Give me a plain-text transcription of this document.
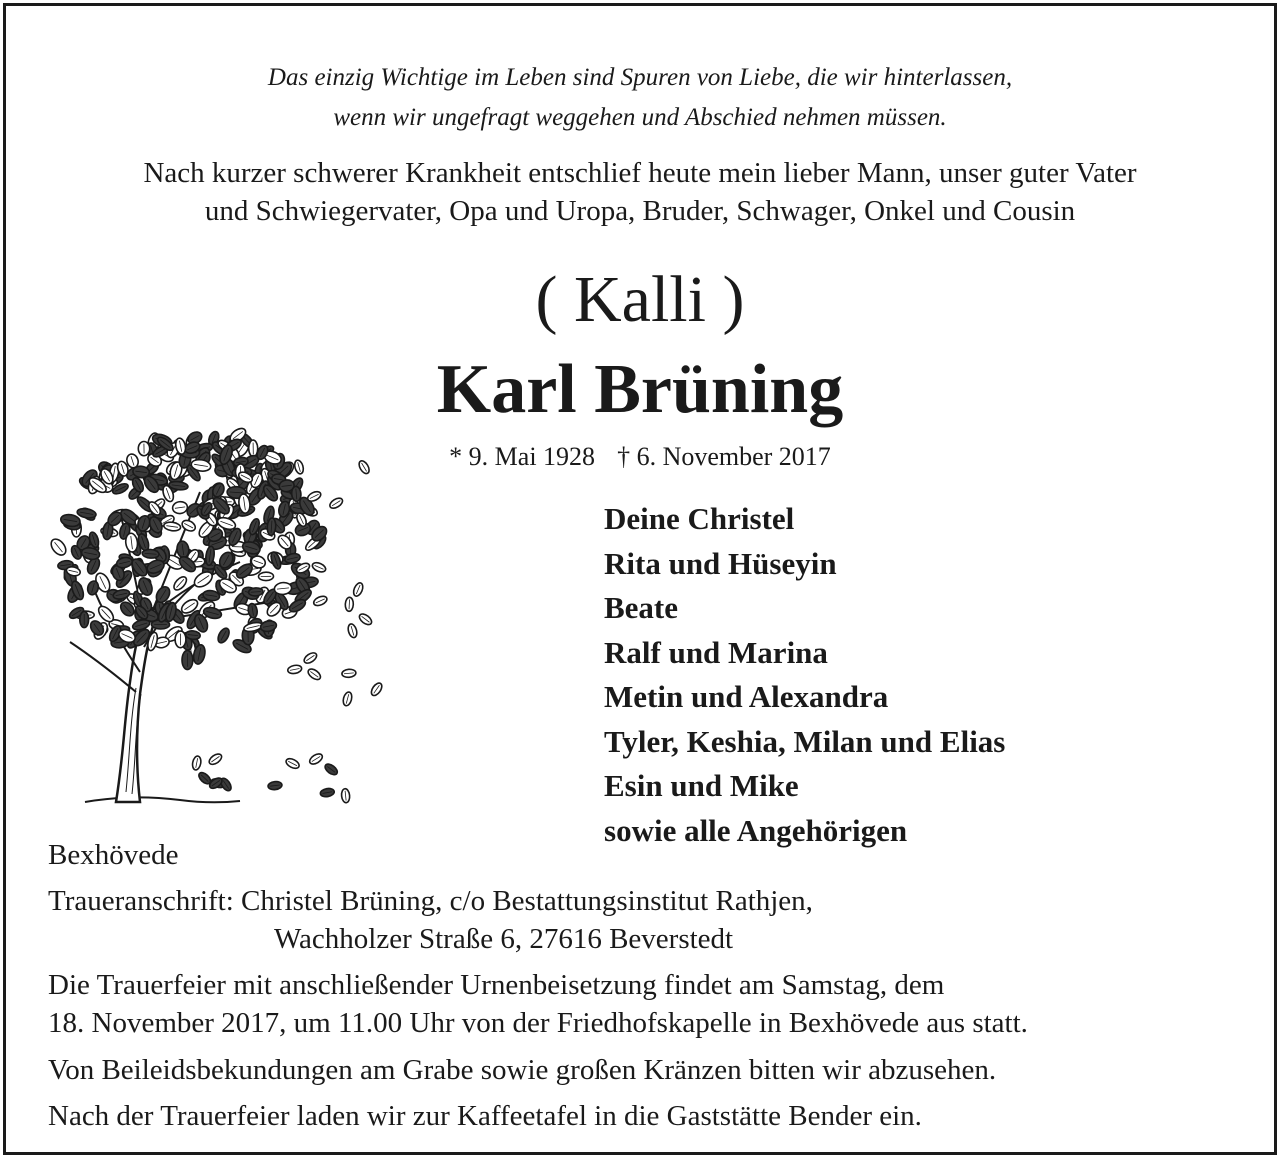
Das einzig Wichtige im Leben sind Spuren von Liebe, die wir hinterlassen,
wenn wir ungefragt weggehen und Abschied nehmen müssen.
Nach kurzer schwerer Krankheit entschlief heute mein lieber Mann, unser guter Vater
und Schwiegervater, Opa und Uropa, Bruder, Schwager, Onkel und Cousin
( Kalli )
Karl Brüning
* 9. Mai 1928 † 6. November 2017
Deine Christel
Rita und Hüseyin
Beate
Ralf und Marina
Metin und Alexandra
Tyler, Keshia, Milan und Elias
Esin und Mike
sowie alle Angehörigen
Bexhövede
Traueranschrift: Christel Brüning, c/o Bestattungsinstitut Rathjen,
Wachholzer Straße 6, 27616 Beverstedt
Die Trauerfeier mit anschließender Urnenbeisetzung findet am Samstag, dem
18. November 2017, um 11.00 Uhr von der Friedhofskapelle in Bexhövede aus statt.
Von Beileidsbekundungen am Grabe sowie großen Kränzen bitten wir abzusehen.
Nach der Trauerfeier laden wir zur Kaffeetafel in die Gaststätte Bender ein.
